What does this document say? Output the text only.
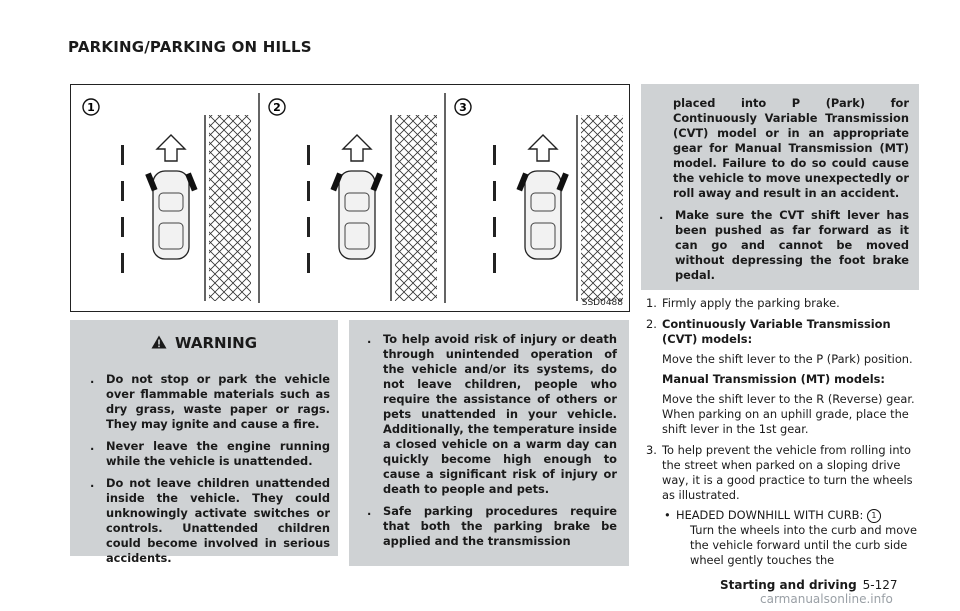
PARKING/PARKING ON HILLS
1	2	3
SSD0488
WARNING
. Do not stop or park the vehicle over flammable materials such as dry grass, waste paper or rags. They may ignite and cause a fire.
. Never leave the engine running while the vehicle is unattended.
. Do not leave children unattended inside the vehicle. They could unknowingly activate switches or controls. Unattended children could become involved in serious accidents.
. To help avoid risk of injury or death through unintended operation of the vehicle and/or its systems, do not leave children, people who require the assistance of others or pets unattended in your vehicle. Additionally, the temperature inside a closed vehicle on a warm day can quickly become high enough to cause a significant risk of injury or death to people and pets.
. Safe parking procedures require that both the parking brake be applied and the transmission
placed into P (Park) for Continuously Variable Transmission (CVT) model or in an appropriate gear for Manual Transmission (MT) model. Failure to do so could cause the vehicle to move unexpectedly or roll away and result in an accident.
. Make sure the CVT shift lever has been pushed as far forward as it can go and cannot be moved without depressing the foot brake pedal.
1. Firmly apply the parking brake.

2. Continuously Variable Transmission (CVT) models:

Move the shift lever to the P (Park) position.

Manual Transmission (MT) models:

Move the shift lever to the R (Reverse) gear. When parking on an uphill grade, place the shift lever in the 1st gear.

3. To help prevent the vehicle from rolling into the street when parked on a sloping drive way, it is a good practice to turn the wheels as illustrated.

• HEADED DOWNHILL WITH CURB: 1
Turn the wheels into the curb and move the vehicle forward until the curb side wheel gently touches the
Starting and driving 5-127
carmanualsonline.info
